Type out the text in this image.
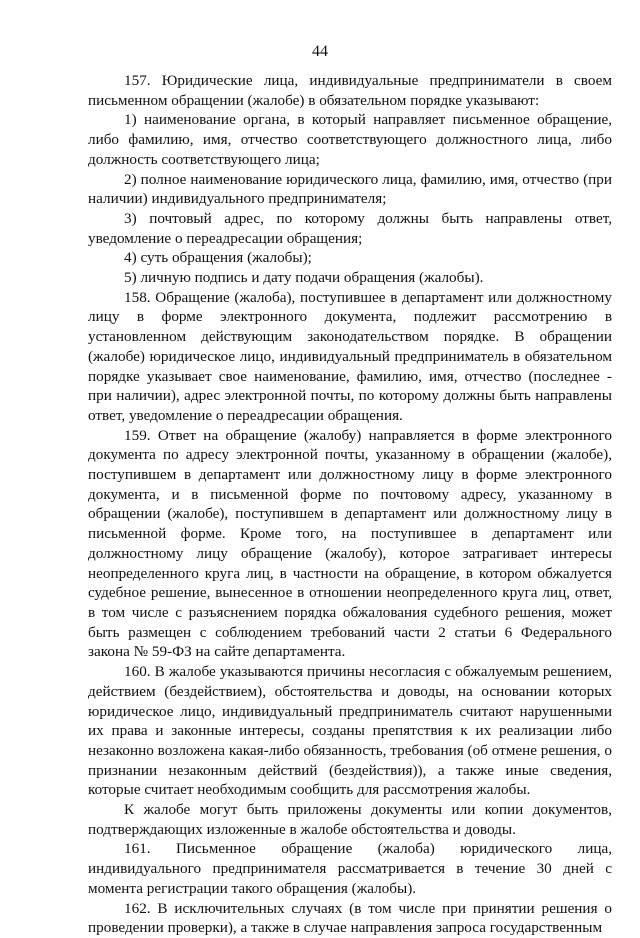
44

157. Юридические лица, индивидуальные предприниматели в своем письменном обращении (жалобе) в обязательном порядке указывают:

1) наименование органа, в который направляет письменное обращение, либо фамилию, имя, отчество соответствующего должностного лица, либо должность соответствующего лица;

2) полное наименование юридического лица, фамилию, имя, отчество (при наличии) индивидуального предпринимателя;

3) почтовый адрес, по которому должны быть направлены ответ, уведомление о переадресации обращения;

4) суть обращения (жалобы);

5) личную подпись и дату подачи обращения (жалобы).

158. Обращение (жалоба), поступившее в департамент или должностному лицу в форме электронного документа, подлежит рассмотрению в установленном действующим законодательством порядке. В обращении (жалобе) юридическое лицо, индивидуальный предприниматель в обязательном порядке указывает свое наименование, фамилию, имя, отчество (последнее - при наличии), адрес электронной почты, по которому должны быть направлены ответ, уведомление о переадресации обращения.

159. Ответ на обращение (жалобу) направляется в форме электронного документа по адресу электронной почты, указанному в обращении (жалобе), поступившем в департамент или должностному лицу в форме электронного документа, и в письменной форме по почтовому адресу, указанному в обращении (жалобе), поступившем в департамент или должностному лицу в письменной форме. Кроме того, на поступившее в департамент или должностному лицу обращение (жалобу), которое затрагивает интересы неопределенного круга лиц, в частности на обращение, в котором обжалуется судебное решение, вынесенное в отношении неопределенного круга лиц, ответ, в том числе с разъяснением порядка обжалования судебного решения, может быть размещен с соблюдением требований части 2 статьи 6 Федерального закона № 59-ФЗ на сайте департамента.

160. В жалобе указываются причины несогласия с обжалуемым решением, действием (бездействием), обстоятельства и доводы, на основании которых юридическое лицо, индивидуальный предприниматель считают нарушенными их права и законные интересы, созданы препятствия к их реализации либо незаконно возложена какая-либо обязанность, требования (об отмене решения, о признании незаконным действий (бездействия)), а также иные сведения, которые считает необходимым сообщить для рассмотрения жалобы.

К жалобе могут быть приложены документы или копии документов, подтверждающих изложенные в жалобе обстоятельства и доводы.

161. Письменное обращение (жалоба) юридического лица, индивидуального предпринимателя рассматривается в течение 30 дней с момента регистрации такого обращения (жалобы).

162. В исключительных случаях (в том числе при принятии решения о проведении проверки), а также в случае направления запроса государственным
